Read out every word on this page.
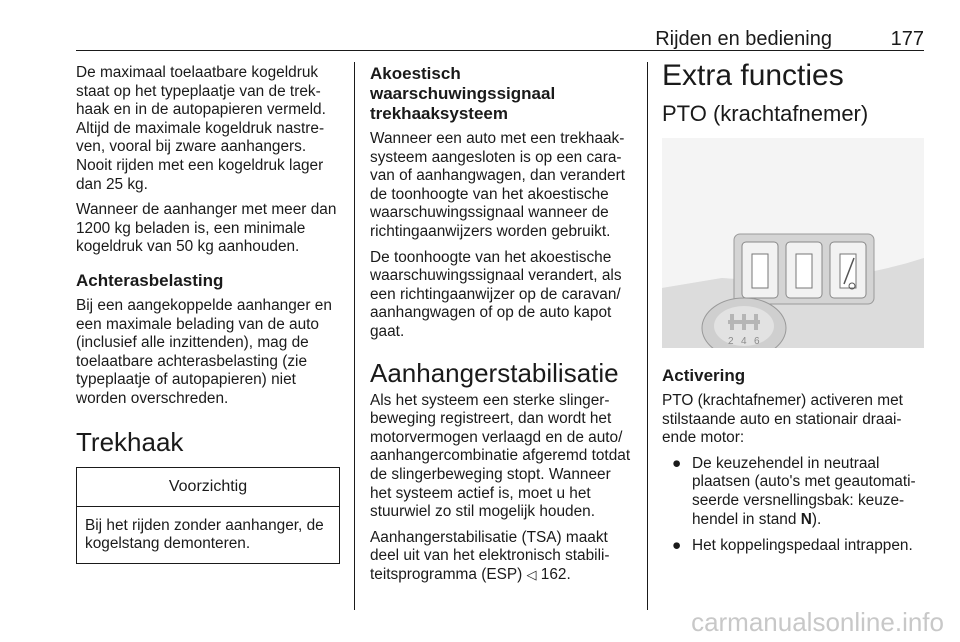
Rijden en bediening	177

De maximaal toelaatbare kogeldruk staat op het typeplaatje van de trek-haak en in de autopapieren vermeld. Altijd de maximale kogeldruk nastre-ven, vooral bij zware aanhangers. Nooit rijden met een kogeldruk lager dan 25 kg.

Wanneer de aanhanger met meer dan 1200 kg beladen is, een minimale kogeldruk van 50 kg aanhouden.

Achterasbelasting

Bij een aangekoppelde aanhanger en een maximale belading van de auto (inclusief alle inzittenden), mag de toelaatbare achterasbelasting (zie typeplaatje of autopapieren) niet worden overschreden.

Trekhaak
Voorzichtig
Bij het rijden zonder aanhanger, de kogelstang demonteren.
Akoestisch waarschuwingssignaal trekhaaksysteem

Wanneer een auto met een trekhaak-systeem aangesloten is op een cara-van of aanhangwagen, dan verandert de toonhoogte van het akoestische waarschuwingssignaal wanneer de richtingaanwijzers worden gebruikt.

De toonhoogte van het akoestische waarschuwingssignaal verandert, als een richtingaanwijzer op de caravan/ aanhangwagen of op de auto kapot gaat.

Aanhangerstabilisatie

Als het systeem een sterke slinger-beweging registreert, dan wordt het motorvermogen verlaagd en de auto/ aanhangercombinatie afgeremd totdat de slingerbeweging stopt. Wanneer het systeem actief is, moet u het stuurwiel zo stil mogelijk houden.

Aanhangerstabilisatie (TSA) maakt deel uit van het elektronisch stabili-teitsprogramma (ESP) ◁ 162.

Extra functies
PTO (krachtafnemer)
2 4 6
Activering

PTO (krachtafnemer) activeren met stilstaande auto en stationair draai-ende motor:

● De keuzehendel in neutraal plaatsen (auto's met geautomati-seerde versnellingsbak: keuze-hendel in stand N).
● Het koppelingspedaal intrappen.
carmanualsonline.info
